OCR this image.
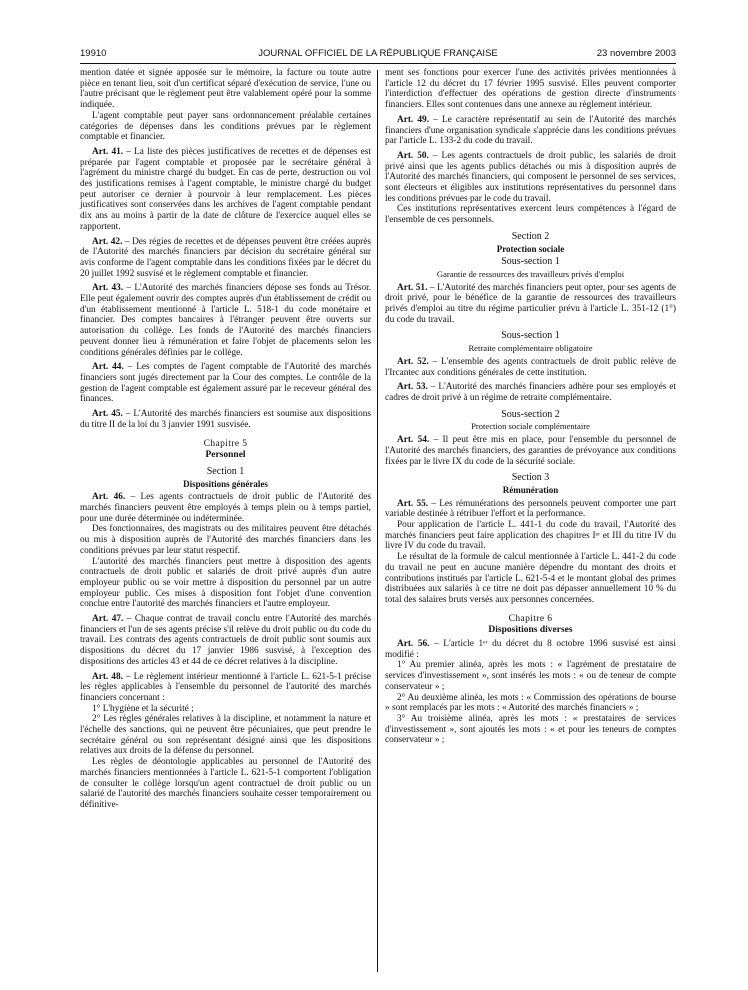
19910	JOURNAL OFFICIEL DE LA RÉPUBLIQUE FRANÇAISE	23 novembre 2003

mention datée et signée apposée sur le mémoire, la facture ou toute autre pièce en tenant lieu, soit d'un certificat séparé d'exécution de service, l'une ou l'autre précisant que le règlement peut être valablement opéré pour la somme indiquée.

L'agent comptable peut payer sans ordonnancement préalable certaines catégories de dépenses dans les conditions prévues par le règlement comptable et financier.

Art. 41. – La liste des pièces justificatives de recettes et de dépenses est préparée par l'agent comptable et proposée par le secrétaire général à l'agrément du ministre chargé du budget. En cas de perte, destruction ou vol des justifications remises à l'agent comptable, le ministre chargé du budget peut autoriser ce dernier à pourvoir à leur remplacement. Les pièces justificatives sont conservées dans les archives de l'agent comptable pendant dix ans au moins à partir de la date de clôture de l'exercice auquel elles se rapportent.

Art. 42. – Des régies de recettes et de dépenses peuvent être créées auprès de l'Autorité des marchés financiers par décision du secrétaire général sur avis conforme de l'agent comptable dans les conditions fixées par le décret du 20 juillet 1992 susvisé et le règlement comptable et financier.

Art. 43. – L'Autorité des marchés financiers dépose ses fonds au Trésor. Elle peut également ouvrir des comptes auprès d'un établissement de crédit ou d'un établissement mentionné à l'article L. 518-1 du code monétaire et financier. Des comptes bancaires à l'étranger peuvent être ouverts sur autorisation du collège. Les fonds de l'Autorité des marchés financiers peuvent donner lieu à rémunération et faire l'objet de placements selon les conditions générales définies par le collège.

Art. 44. – Les comptes de l'agent comptable de l'Autorité des marchés financiers sont jugés directement par la Cour des comptes. Le contrôle de la gestion de l'agent comptable est également assuré par le receveur général des finances.

Art. 45. – L'Autorité des marchés financiers est soumise aux dispositions du titre II de la loi du 3 janvier 1991 susvisée.

Chapitre 5
Personnel
Section 1
Dispositions générales

Art. 46. – Les agents contractuels de droit public de l'Autorité des marchés financiers peuvent être employés à temps plein ou à temps partiel, pour une durée déterminée ou indéterminée.

Des fonctionnaires, des magistrats ou des militaires peuvent être détachés ou mis à disposition auprès de l'Autorité des marchés financiers dans les conditions prévues par leur statut respectif.

L'autorité des marchés financiers peut mettre à disposition des agents contractuels de droit public et salariés de droit privé auprès d'un autre employeur public ou se voir mettre à disposition du personnel par un autre employeur public. Ces mises à disposition font l'objet d'une convention conclue entre l'autorité des marchés financiers et l'autre employeur.

Art. 47. – Chaque contrat de travail conclu entre l'Autorité des marchés financiers et l'un de ses agents précise s'il relève du droit public ou du code du travail. Les contrats des agents contractuels de droit public sont soumis aux dispositions du décret du 17 janvier 1986 susvisé, à l'exception des dispositions des articles 43 et 44 de ce décret relatives à la discipline.

Art. 48. – Le règlement intérieur mentionné à l'article L. 621-5-1 précise les règles applicables à l'ensemble du personnel de l'autorité des marchés financiers concernant :

1° L'hygiène et la sécurité ;

2° Les règles générales relatives à la discipline, et notamment la nature et l'échelle des sanctions, qui ne peuvent être pécuniaires, que peut prendre le secrétaire général ou son représentant désigné ainsi que les dispositions relatives aux droits de la défense du personnel.

Les règles de déontologie applicables au personnel de l'Autorité des marchés financiers mentionnées à l'article L. 621-5-1 comportent l'obligation de consulter le collège lorsqu'un agent contractuel de droit public ou un salarié de l'autorité des marchés financiers souhaite cesser temporairement ou définitive-

ment ses fonctions pour exercer l'une des activités privées mentionnées à l'article 12 du décret du 17 février 1995 susvisé. Elles peuvent comporter l'interdiction d'effectuer des opérations de gestion directe d'instruments financiers. Elles sont contenues dans une annexe au règlement intérieur.

Art. 49. – Le caractère représentatif au sein de l'Autorité des marchés financiers d'une organisation syndicale s'apprécie dans les conditions prévues par l'article L. 133-2 du code du travail.

Art. 50. – Les agents contractuels de droit public, les salariés de droit privé ainsi que les agents publics détachés ou mis à disposition auprès de l'Autorité des marchés financiers, qui composent le personnel de ses services, sont électeurs et éligibles aux institutions représentatives du personnel dans les conditions prévues par le code du travail.

Ces institutions représentatives exercent leurs compétences à l'égard de l'ensemble de ces personnels.

Section 2
Protection sociale
Sous-section 1
Garantie de ressources des travailleurs privés d'emploi

Art. 51. – L'Autorité des marchés financiers peut opter, pour ses agents de droit privé, pour le bénéfice de la garantie de ressources des travailleurs privés d'emploi au titre du régime particulier prévu à l'article L. 351-12 (1°) du code du travail.

Sous-section 1
Retraite complémentaire obligatoire

Art. 52. – L'ensemble des agents contractuels de droit public relève de l'Ircantec aux conditions générales de cette institution.

Art. 53. – L'Autorité des marchés financiers adhère pour ses employés et cadres de droit privé à un régime de retraite complémentaire.

Sous-section 2
Protection sociale complémentaire

Art. 54. – Il peut être mis en place, pour l'ensemble du personnel de l'Autorité des marchés financiers, des garanties de prévoyance aux conditions fixées par le livre IX du code de la sécurité sociale.

Section 3
Rémunération

Art. 55. – Les rémunérations des personnels peuvent comporter une part variable destinée à rétribuer l'effort et la performance.

Pour application de l'article L. 441-1 du code du travail, l'Autorité des marchés financiers peut faire application des chapitres Iᵉʳ et III du titre IV du livre IV du code du travail.

Le résultat de la formule de calcul mentionnée à l'article L. 441-2 du code du travail ne peut en aucune manière dépendre du montant des droits et contributions institués par l'article L. 621-5-4 et le montant global des primes distribuées aux salariés à ce titre ne doit pas dépasser annuellement 10 % du total des salaires bruts versés aux personnes concernées.

Chapitre 6
Dispositions diverses

Art. 56. – L'article 1ᵉʳ du décret du 8 octobre 1996 susvisé est ainsi modifié :

1° Au premier alinéa, après les mots : « l'agrément de prestataire de services d'investissement », sont insérés les mots : « ou de teneur de compte conservateur » ;

2° Au deuxième alinéa, les mots : « Commission des opérations de bourse » sont remplacés par les mots : « Autorité des marchés financiers » ;

3° Au troisième alinéa, après les mots : « prestataires de services d'investissement », sont ajoutés les mots : « et pour les teneurs de comptes conservateur » ;
